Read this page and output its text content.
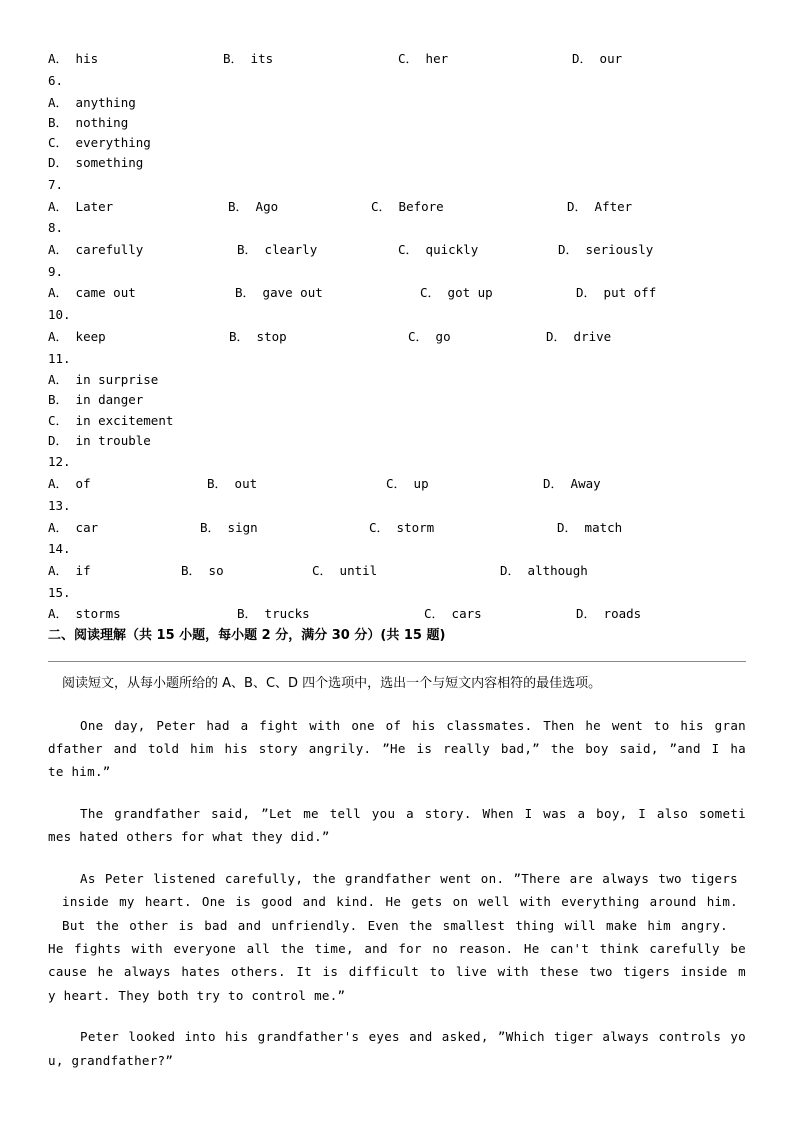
A． his	B． its	C． her	D． our
6.
A． anything
B． nothing
C． everything
D． something
7.
A． Later	B． Ago	C． Before	D． After
8.
A． carefully	B． clearly	C． quickly	D． seriously
9.
A． came out	B． gave out	C． got up	D． put off
10.
A． keep	B． stop	C． go	D． drive
11.
A． in surprise
B． in danger
C． in excitement
D． in trouble
12.
A． of	B． out	C． up	D． Away
13.
A． car	B． sign	C． storm	D． match
14.
A． if	B． so	C． until	D． although
15.
A． storms	B． trucks	C． cars	D． roads
二、阅读理解（共 15 小题，每小题 2 分，满分 30 分）(共 15 题)
阅读短文，从每小题所给的 A、B、C、D 四个选项中，选出一个与短文内容相符的最佳选项。
One day, Peter had a fight with one of his classmates. Then he went to his gran
dfather and told him his story angrily. ”He is really bad,” the boy said, ”and I ha
te him.”
The grandfather said, ”Let me tell you a story. When I was a boy, I also someti
mes hated others for what they did.”
As Peter listened carefully, the grandfather went on. ”There are always two tigers
inside my heart. One is good and kind. He gets on well with everything around him.
But the other is bad and unfriendly. Even the smallest thing will make him angry.
He fights with everyone all the time, and for no reason. He can't think carefully be
cause he always hates others. It is difficult to live with these two tigers inside m
y heart. They both try to control me.”
Peter looked into his grandfather's eyes and asked, ”Which tiger always controls yo
u, grandfather?”
